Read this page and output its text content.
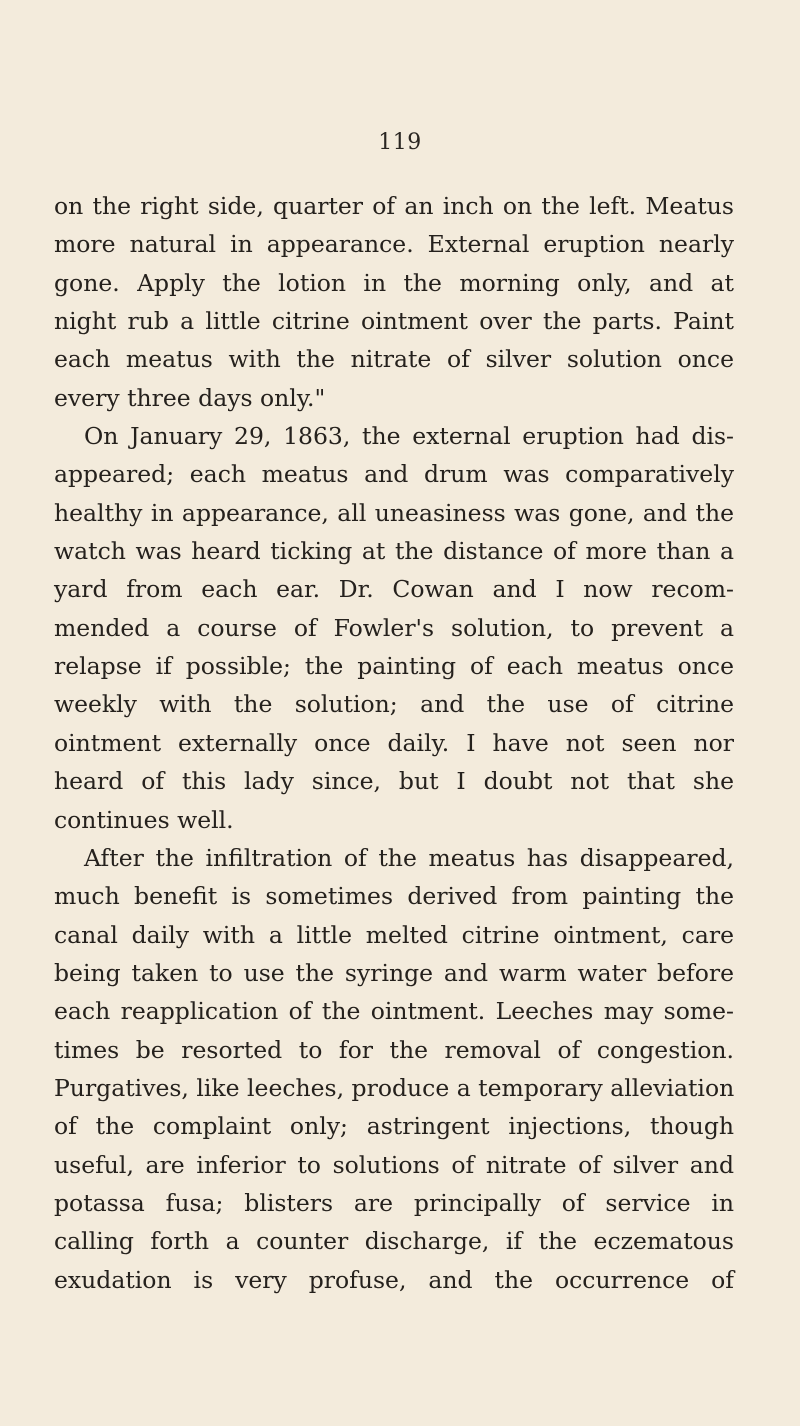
119
on the right side, quarter of an inch on the left. Meatus
more natural in appearance. External eruption nearly
gone. Apply the lotion in the morning only, and at
night rub a little citrine ointment over the parts. Paint
each meatus with the nitrate of silver solution once
every three days only."
On January 29, 1863, the external eruption had dis-
appeared; each meatus and drum was comparatively
healthy in appearance, all uneasiness was gone, and the
watch was heard ticking at the distance of more than a
yard from each ear. Dr. Cowan and I now recom-
mended a course of Fowler's solution, to prevent a
relapse if possible; the painting of each meatus once
weekly with the solution; and the use of citrine
ointment externally once daily. I have not seen nor
heard of this lady since, but I doubt not that she
continues well.
After the infiltration of the meatus has disappeared,
much benefit is sometimes derived from painting the
canal daily with a little melted citrine ointment, care
being taken to use the syringe and warm water before
each reapplication of the ointment. Leeches may some-
times be resorted to for the removal of congestion.
Purgatives, like leeches, produce a temporary alleviation
of the complaint only; astringent injections, though
useful, are inferior to solutions of nitrate of silver and
potassa fusa; blisters are principally of service in
calling forth a counter discharge, if the eczematous
exudation is very profuse, and the occurrence of
